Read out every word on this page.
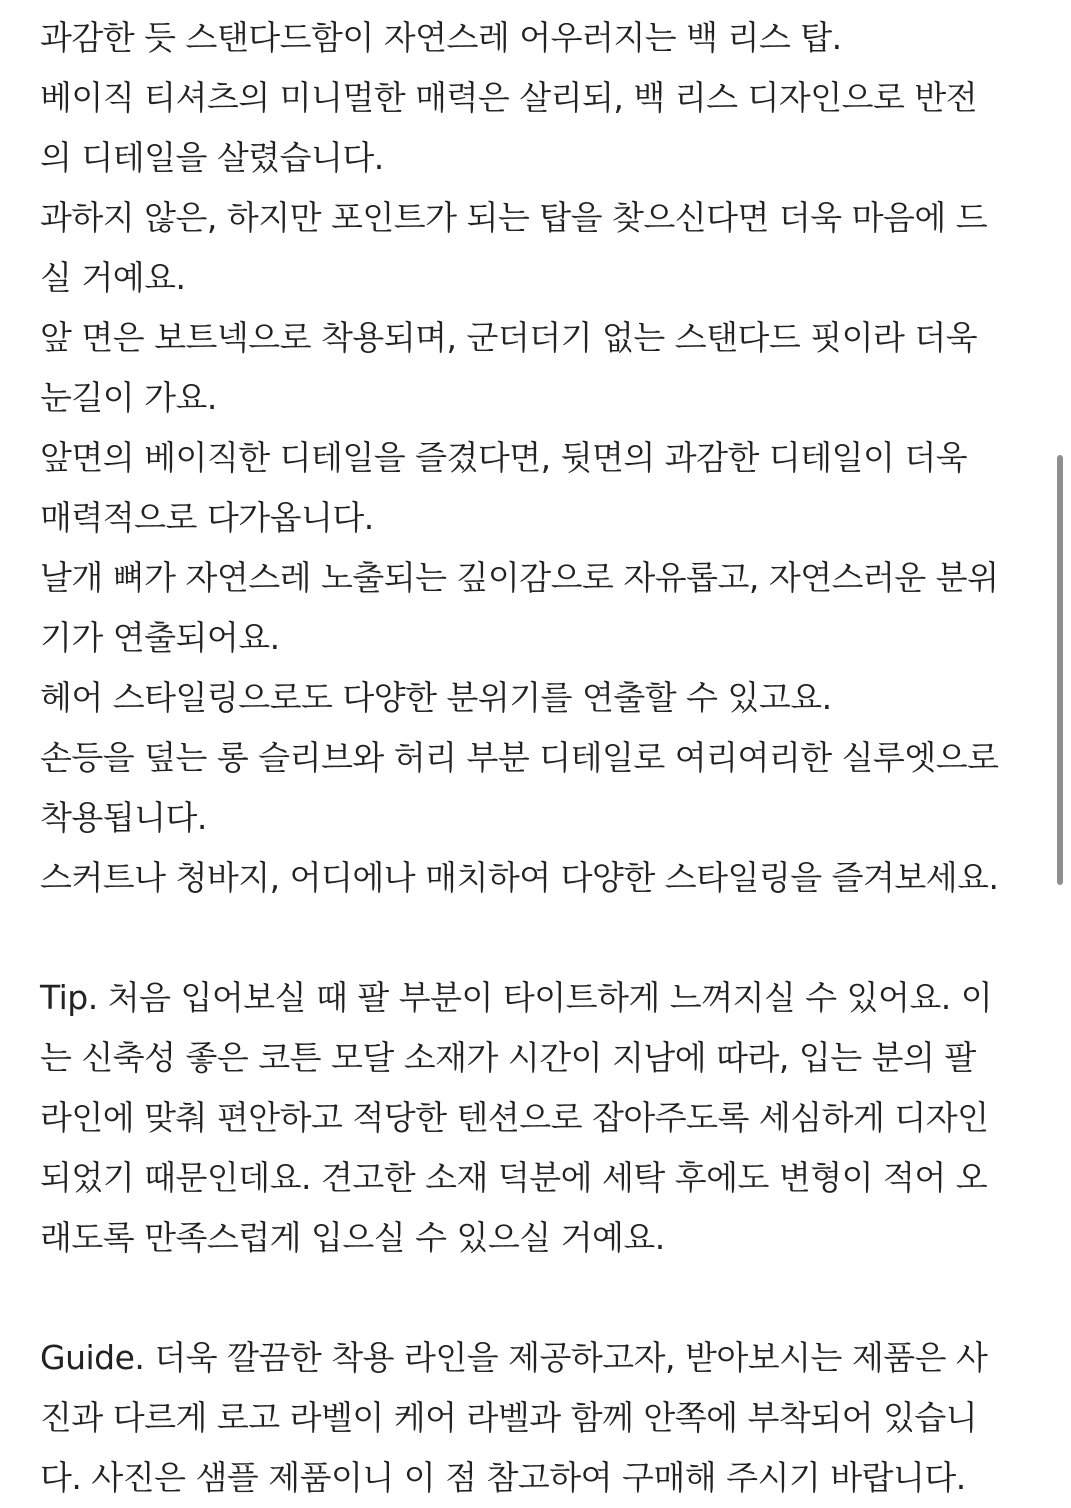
과감한 듯 스탠다드함이 자연스레 어우러지는 백 리스 탑.
베이직 티셔츠의 미니멀한 매력은 살리되, 백 리스 디자인으로 반전
의 디테일을 살렸습니다.
과하지 않은, 하지만 포인트가 되는 탑을 찾으신다면 더욱 마음에 드
실 거예요.
앞 면은 보트넥으로 착용되며, 군더더기 없는 스탠다드 핏이라 더욱
눈길이 가요.
앞면의 베이직한 디테일을 즐겼다면, 뒷면의 과감한 디테일이 더욱
매력적으로 다가옵니다.
날개 뼈가 자연스레 노출되는 깊이감으로 자유롭고, 자연스러운 분위
기가 연출되어요.
헤어 스타일링으로도 다양한 분위기를 연출할 수 있고요.
손등을 덮는 롱 슬리브와 허리 부분 디테일로 여리여리한 실루엣으로
착용됩니다.
스커트나 청바지, 어디에나 매치하여 다양한 스타일링을 즐겨보세요.
Tip. 처음 입어보실 때 팔 부분이 타이트하게 느껴지실 수 있어요. 이
는 신축성 좋은 코튼 모달 소재가 시간이 지남에 따라, 입는 분의 팔
라인에 맞춰 편안하고 적당한 텐션으로 잡아주도록 세심하게 디자인
되었기 때문인데요. 견고한 소재 덕분에 세탁 후에도 변형이 적어 오
래도록 만족스럽게 입으실 수 있으실 거예요.
Guide. 더욱 깔끔한 착용 라인을 제공하고자, 받아보시는 제품은 사
진과 다르게 로고 라벨이 케어 라벨과 함께 안쪽에 부착되어 있습니
다. 사진은 샘플 제품이니 이 점 참고하여 구매해 주시기 바랍니다.
